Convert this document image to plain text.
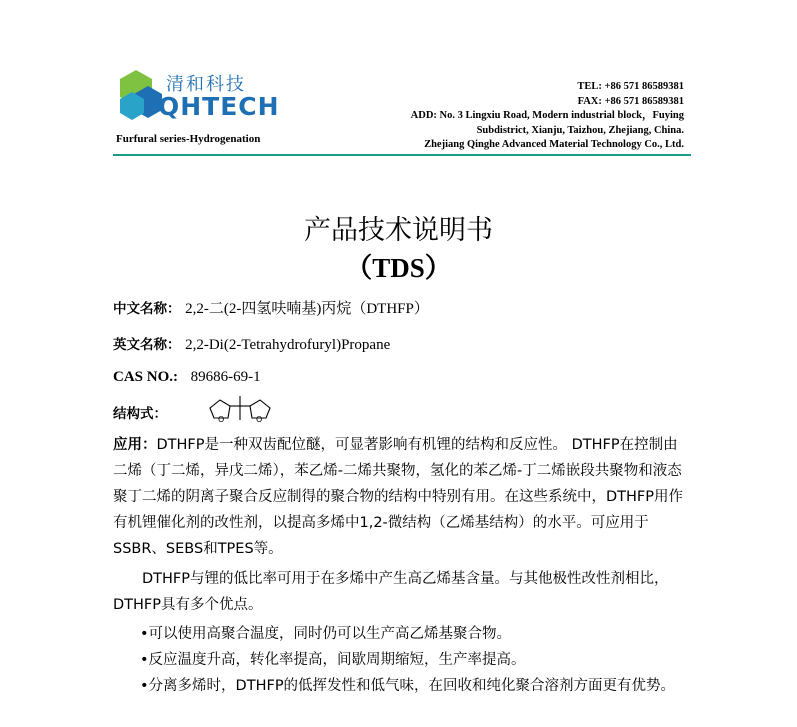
清和科技
QHTECH
Furfural series-Hydrogenation
TEL: +86 571 86589381
FAX: +86 571 86589381
ADD: No. 3 Lingxiu Road, Modern industrial block，Fuying
Subdistrict, Xianju, Taizhou, Zhejiang, China.
Zhejiang Qinghe Advanced Material Technology Co., Ltd.
产品技术说明书
（TDS）
中文名称： 2,2-二(2-四氢呋喃基)丙烷（DTHFP）
英文名称： 2,2-Di(2-Tetrahydrofuryl)Propane
CAS NO.: 89686-69-1
结构式：	O	O
应用：DTHFP是一种双齿配位醚，可显著影响有机锂的结构和反应性。 DTHFP在控制由二烯（丁二烯，异戊二烯），苯乙烯-二烯共聚物，氢化的苯乙烯-丁二烯嵌段共聚物和液态聚丁二烯的阴离子聚合反应制得的聚合物的结构中特别有用。在这些系统中，DTHFP用作有机锂催化剂的改性剂，以提高多烯中1,2-微结构（乙烯基结构）的水平。可应用于SSBR、SEBS和TPES等。
DTHFP与锂的低比率可用于在多烯中产生高乙烯基含量。与其他极性改性剂相比，DTHFP具有多个优点。
•可以使用高聚合温度，同时仍可以生产高乙烯基聚合物。
•反应温度升高，转化率提高，间歇周期缩短，生产率提高。
•分离多烯时，DTHFP的低挥发性和低气味，在回收和纯化聚合溶剂方面更有优势。
